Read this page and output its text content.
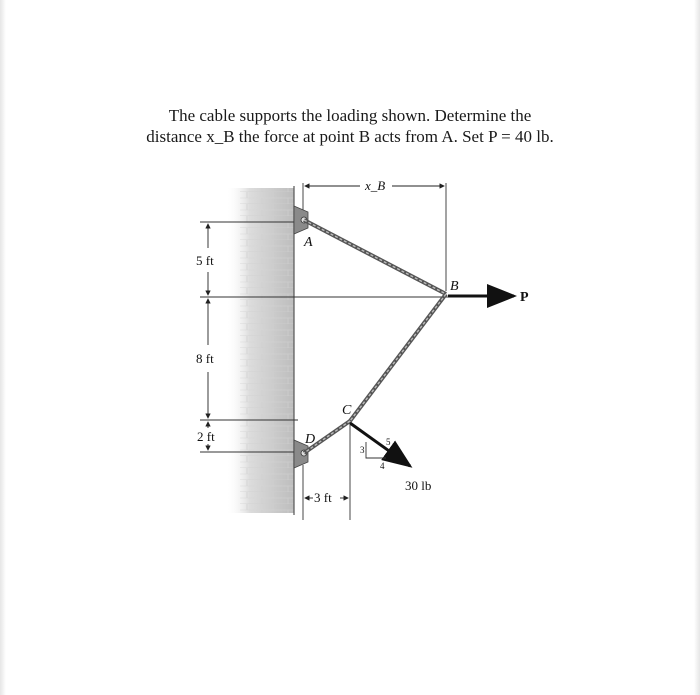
The cable supports the loading shown. Determine the

distance x_B the force at point B acts from A. Set P = 40 lb.

A
B
C
D
P
30 lb
x_B
5 ft
8 ft
2 ft
3 ft
3
4
5
